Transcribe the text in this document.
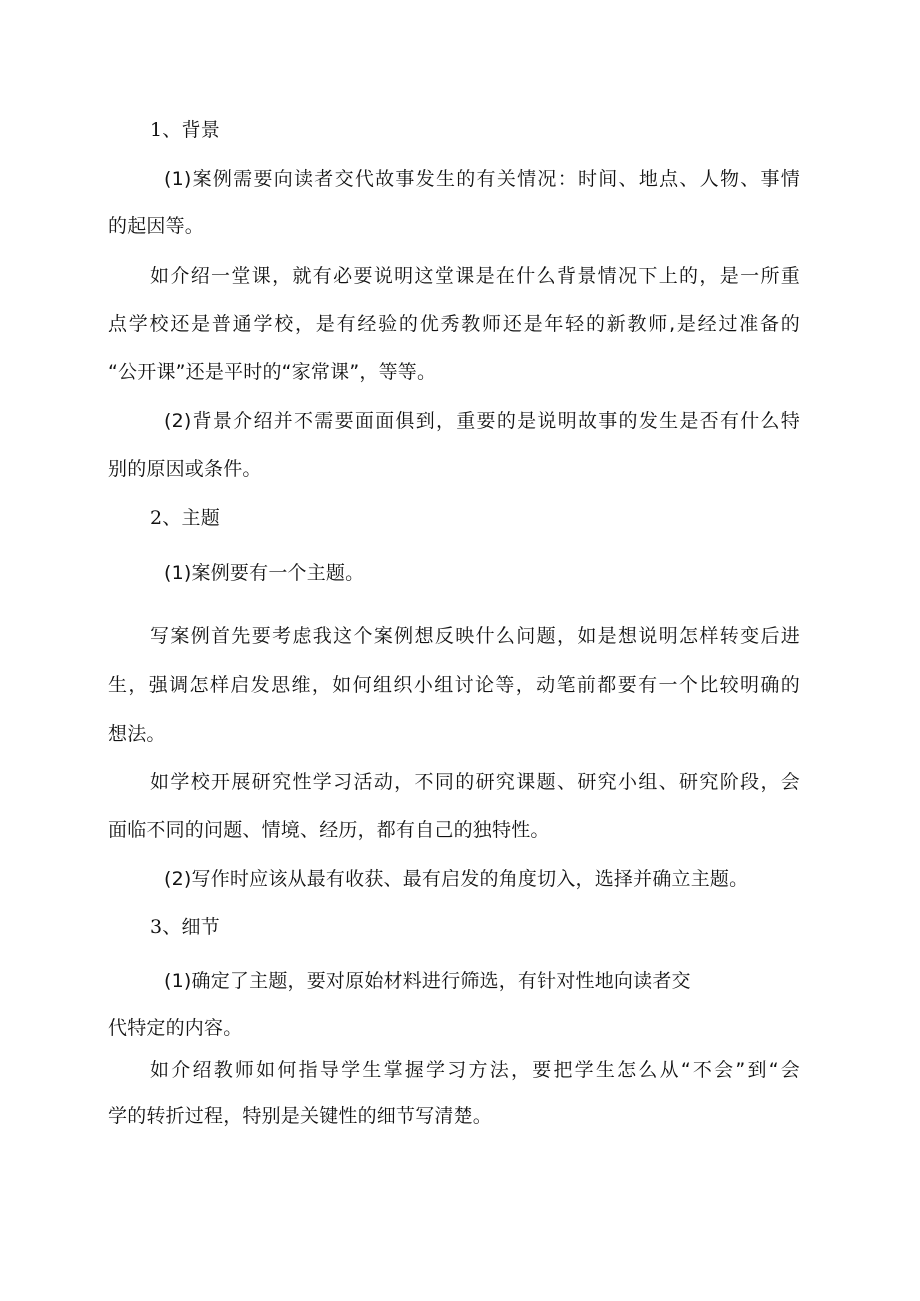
1、背景
(1)案例需要向读者交代故事发生的有关情况：时间、地点、人物、事情
的起因等。
如介绍一堂课，就有必要说明这堂课是在什么背景情况下上的，是一所重
点学校还是普通学校，是有经验的优秀教师还是年轻的新教师,是经过准备的
“公开课”还是平时的“家常课”，等等。
(2)背景介绍并不需要面面俱到，重要的是说明故事的发生是否有什么特
别的原因或条件。
2、主题
(1)案例要有一个主题。
写案例首先要考虑我这个案例想反映什么问题，如是想说明怎样转变后进
生，强调怎样启发思维，如何组织小组讨论等，动笔前都要有一个比较明确的
想法。
如学校开展研究性学习活动，不同的研究课题、研究小组、研究阶段，会
面临不同的问题、情境、经历，都有自己的独特性。
(2)写作时应该从最有收获、最有启发的角度切入，选择并确立主题。
3、细节
(1)确定了主题，要对原始材料进行筛选，有针对性地向读者交
代特定的内容。
如介绍教师如何指导学生掌握学习方法，要把学生怎么从“不会”到“会
学的转折过程，特别是关键性的细节写清楚。
